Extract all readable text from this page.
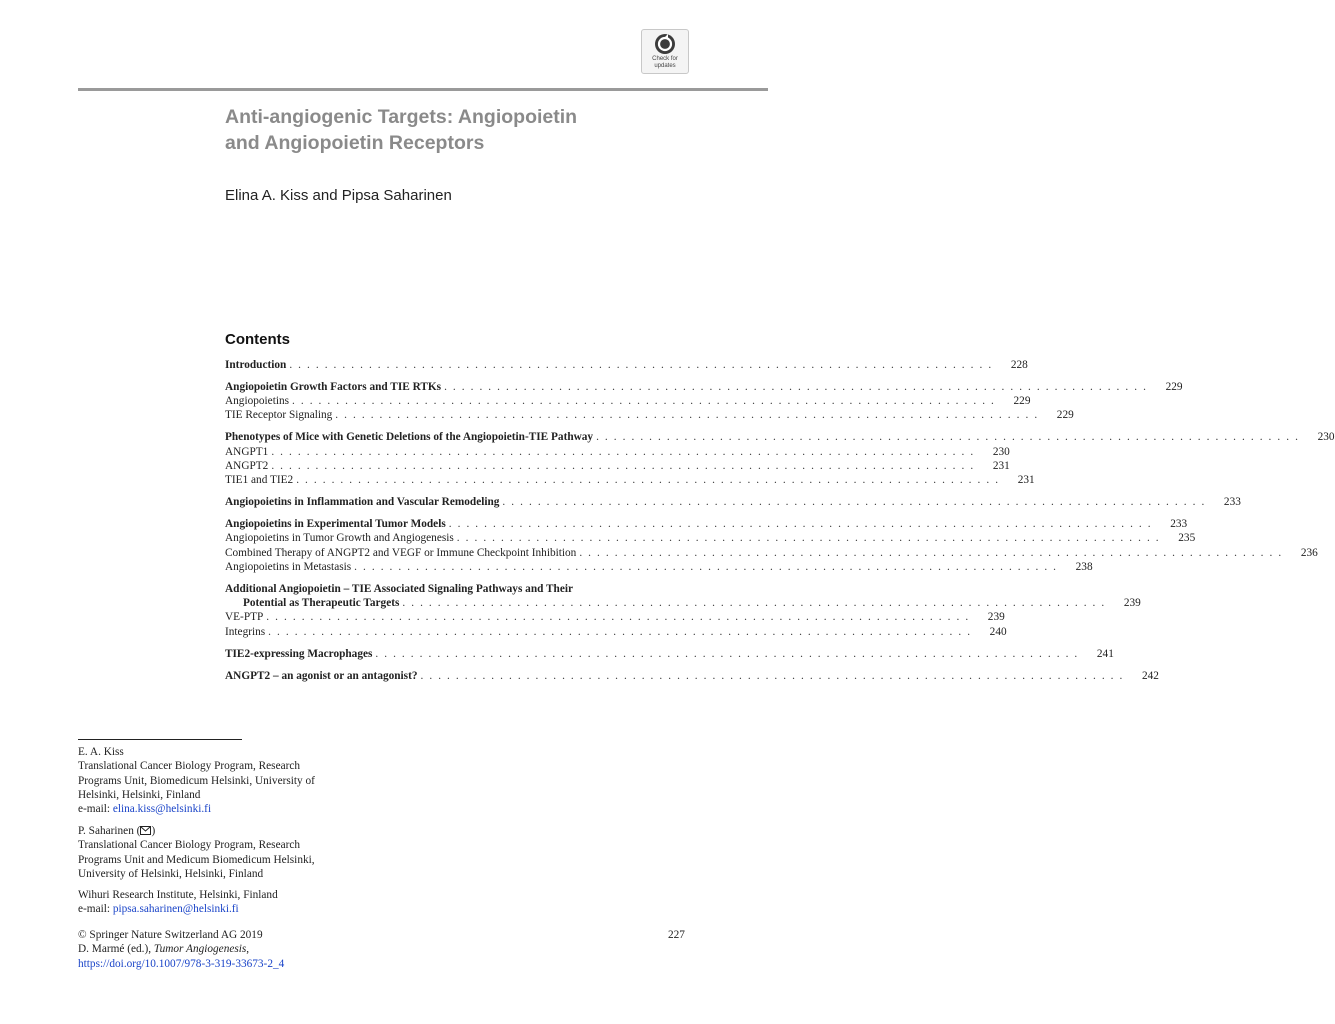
Check for
updates
Anti-angiogenic Targets: Angiopoietin
and Angiopoietin Receptors
Elina A. Kiss and Pipsa Saharinen
Contents
Introduction . . . . . . . . . . . . . . . . . . . . . . . . . . . . . . . . . . . . . . . . . . . . . . . . . . . . . . . . . . . . . . . . . . . . . . . . . . . . . . . .	228
Angiopoietin Growth Factors and TIE RTKs . . . . . . . . . . . . . . . . . . . . . . . . . . . . . . . . . . . . . . . . . . . . . . . . . . . . . . . . . . . . . . . . . . . . . . . . . . . . . . . .	229
Angiopoietins . . . . . . . . . . . . . . . . . . . . . . . . . . . . . . . . . . . . . . . . . . . . . . . . . . . . . . . . . . . . . . . . . . . . . . . . . . . . . . . .	229
TIE Receptor Signaling . . . . . . . . . . . . . . . . . . . . . . . . . . . . . . . . . . . . . . . . . . . . . . . . . . . . . . . . . . . . . . . . . . . . . . . . . . . . . . . .	229
Phenotypes of Mice with Genetic Deletions of the Angiopoietin-TIE Pathway . . . . . . . . . . . . . . . . . . . . . . . . . . . . . . . . . . . . . . . . . . . . . . . . . . . . . . . . . . . . . . . . . . . . . . . . . . . . . . . .	230
ANGPT1 . . . . . . . . . . . . . . . . . . . . . . . . . . . . . . . . . . . . . . . . . . . . . . . . . . . . . . . . . . . . . . . . . . . . . . . . . . . . . . . .	230
ANGPT2 . . . . . . . . . . . . . . . . . . . . . . . . . . . . . . . . . . . . . . . . . . . . . . . . . . . . . . . . . . . . . . . . . . . . . . . . . . . . . . . .	231
TIE1 and TIE2 . . . . . . . . . . . . . . . . . . . . . . . . . . . . . . . . . . . . . . . . . . . . . . . . . . . . . . . . . . . . . . . . . . . . . . . . . . . . . . . .	231
Angiopoietins in Inflammation and Vascular Remodeling . . . . . . . . . . . . . . . . . . . . . . . . . . . . . . . . . . . . . . . . . . . . . . . . . . . . . . . . . . . . . . . . . . . . . . . . . . . . . . . .	233
Angiopoietins in Experimental Tumor Models . . . . . . . . . . . . . . . . . . . . . . . . . . . . . . . . . . . . . . . . . . . . . . . . . . . . . . . . . . . . . . . . . . . . . . . . . . . . . . . .	233
Angiopoietins in Tumor Growth and Angiogenesis . . . . . . . . . . . . . . . . . . . . . . . . . . . . . . . . . . . . . . . . . . . . . . . . . . . . . . . . . . . . . . . . . . . . . . . . . . . . . . . .	235
Combined Therapy of ANGPT2 and VEGF or Immune Checkpoint Inhibition . . . . . . . . . . . . . . . . . . . . . . . . . . . . . . . . . . . . . . . . . . . . . . . . . . . . . . . . . . . . . . . . . . . . . . . . . . . . . . . .	236
Angiopoietins in Metastasis . . . . . . . . . . . . . . . . . . . . . . . . . . . . . . . . . . . . . . . . . . . . . . . . . . . . . . . . . . . . . . . . . . . . . . . . . . . . . . . .	238
Additional Angiopoietin – TIE Associated Signaling Pathways and Their
Potential as Therapeutic Targets . . . . . . . . . . . . . . . . . . . . . . . . . . . . . . . . . . . . . . . . . . . . . . . . . . . . . . . . . . . . . . . . . . . . . . . . . . . . . . . .	239
VE-PTP . . . . . . . . . . . . . . . . . . . . . . . . . . . . . . . . . . . . . . . . . . . . . . . . . . . . . . . . . . . . . . . . . . . . . . . . . . . . . . . .	239
Integrins . . . . . . . . . . . . . . . . . . . . . . . . . . . . . . . . . . . . . . . . . . . . . . . . . . . . . . . . . . . . . . . . . . . . . . . . . . . . . . . .	240
TIE2-expressing Macrophages . . . . . . . . . . . . . . . . . . . . . . . . . . . . . . . . . . . . . . . . . . . . . . . . . . . . . . . . . . . . . . . . . . . . . . . . . . . . . . . .	241
ANGPT2 – an agonist or an antagonist? . . . . . . . . . . . . . . . . . . . . . . . . . . . . . . . . . . . . . . . . . . . . . . . . . . . . . . . . . . . . . . . . . . . . . . . . . . . . . . . .	242
E. A. Kiss
Translational Cancer Biology Program, Research
Programs Unit, Biomedicum Helsinki, University of
Helsinki, Helsinki, Finland
e-mail: elina.kiss@helsinki.fi
P. Saharinen ( )
Translational Cancer Biology Program, Research
Programs Unit and Medicum Biomedicum Helsinki,
University of Helsinki, Helsinki, Finland
Wihuri Research Institute, Helsinki, Finland
e-mail: pipsa.saharinen@helsinki.fi
© Springer Nature Switzerland AG 2019
D. Marmé (ed.), Tumor Angiogenesis,
https://doi.org/10.1007/978-3-319-33673-2_4
227
